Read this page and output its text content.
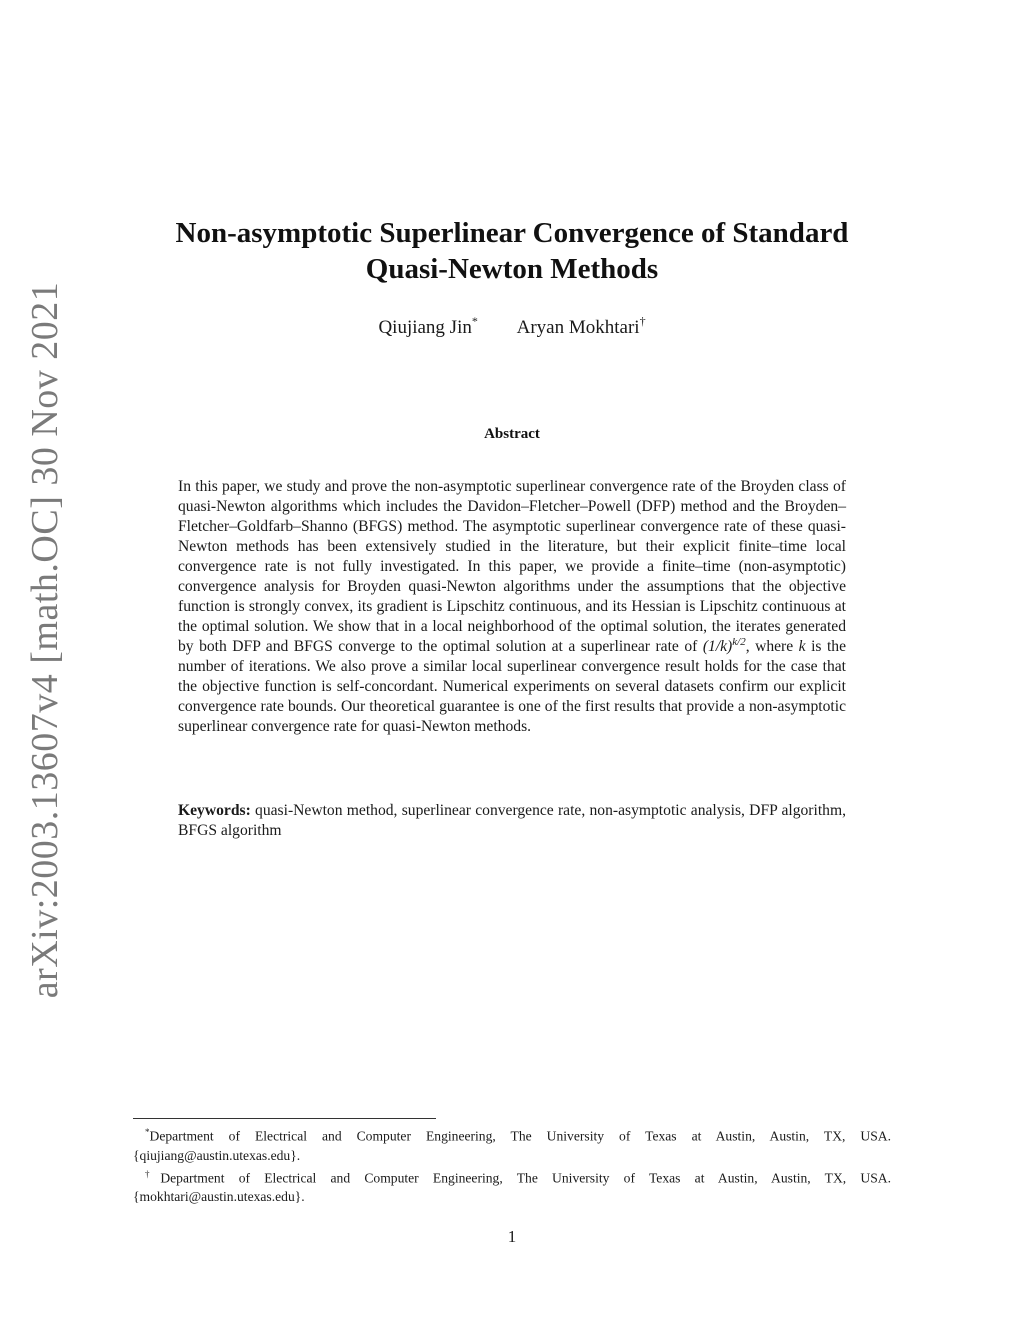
arXiv:2003.13607v4 [math.OC] 30 Nov 2021
Non-asymptotic Superlinear Convergence of Standard
Quasi-Newton Methods
Qiujiang Jin* Aryan Mokhtari†
Abstract

In this paper, we study and prove the non-asymptotic superlinear convergence rate of the Broyden class of quasi-Newton algorithms which includes the Davidon–Fletcher–Powell (DFP) method and the Broyden–Fletcher–Goldfarb–Shanno (BFGS) method. The asymptotic superlinear convergence rate of these quasi-Newton methods has been extensively studied in the literature, but their explicit finite–time local convergence rate is not fully investigated. In this paper, we provide a finite–time (non-asymptotic) convergence analysis for Broyden quasi-Newton algorithms under the assumptions that the objective function is strongly convex, its gradient is Lipschitz continuous, and its Hessian is Lipschitz continuous at the optimal solution. We show that in a local neighborhood of the optimal solution, the iterates generated by both DFP and BFGS converge to the optimal solution at a superlinear rate of $(1/k)^{k/2}$, where k is the number of iterations. We also prove a similar local superlinear convergence result holds for the case that the objective function is self-concordant. Numerical experiments on several datasets confirm our explicit convergence rate bounds. Our theoretical guarantee is one of the first results that provide a non-asymptotic superlinear convergence rate for quasi-Newton methods.

Keywords: quasi-Newton method, superlinear convergence rate, non-asymptotic analysis, DFP algorithm, BFGS algorithm

*Department of Electrical and Computer Engineering, The University of Texas at Austin, Austin, TX, USA. {qiujiang@austin.utexas.edu}.

†Department of Electrical and Computer Engineering, The University of Texas at Austin, Austin, TX, USA. {mokhtari@austin.utexas.edu}.

1
